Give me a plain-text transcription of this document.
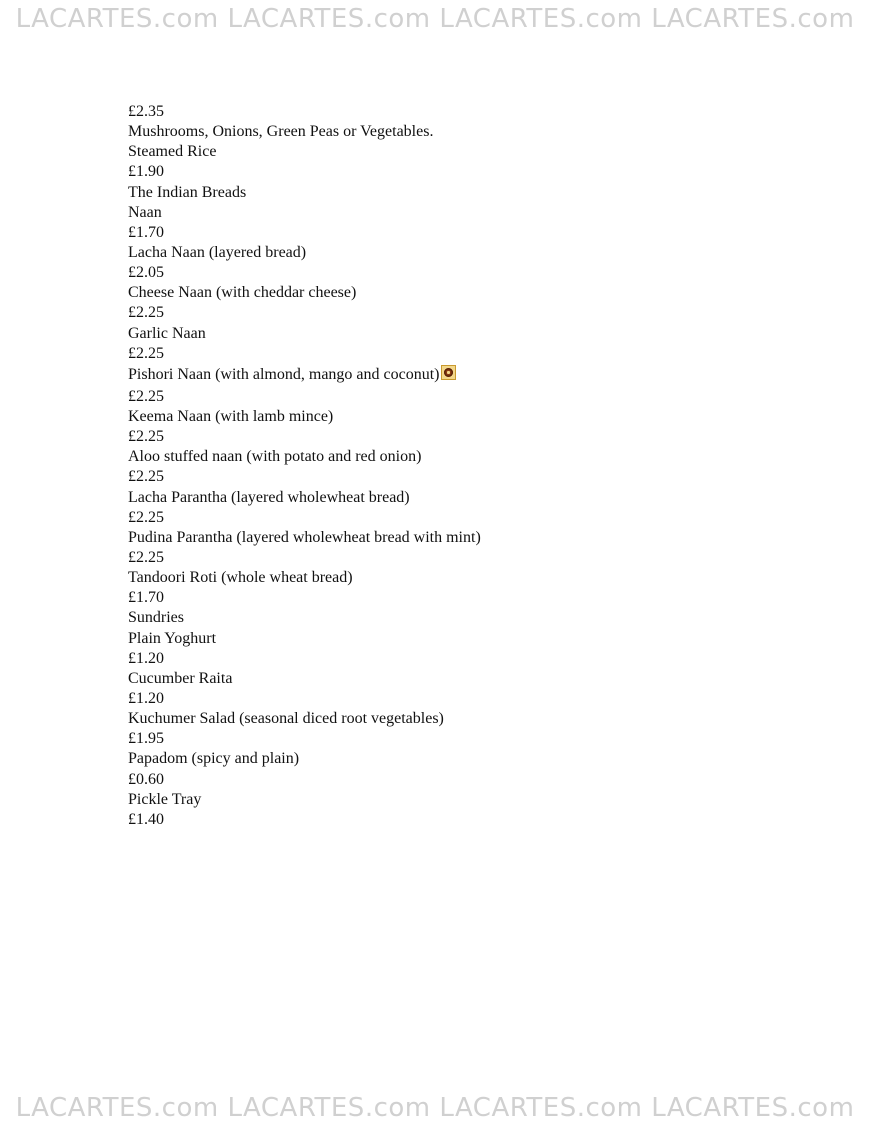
LACARTES.com LACARTES.com LACARTES.com LACARTES.com
£2.35
Mushrooms, Onions, Green Peas or Vegetables.
Steamed Rice
£1.90
The Indian Breads
Naan
£1.70
Lacha Naan (layered bread)
£2.05
Cheese Naan (with cheddar cheese)
£2.25
Garlic Naan
£2.25
Pishori Naan (with almond, mango and coconut)
£2.25
Keema Naan (with lamb mince)
£2.25
Aloo stuffed naan (with potato and red onion)
£2.25
Lacha Parantha (layered wholewheat bread)
£2.25
Pudina Parantha (layered wholewheat bread with mint)
£2.25
Tandoori Roti (whole wheat bread)
£1.70
Sundries
Plain Yoghurt
£1.20
Cucumber Raita
£1.20
Kuchumer Salad (seasonal diced root vegetables)
£1.95
Papadom (spicy and plain)
£0.60
Pickle Tray
£1.40
LACARTES.com LACARTES.com LACARTES.com LACARTES.com
